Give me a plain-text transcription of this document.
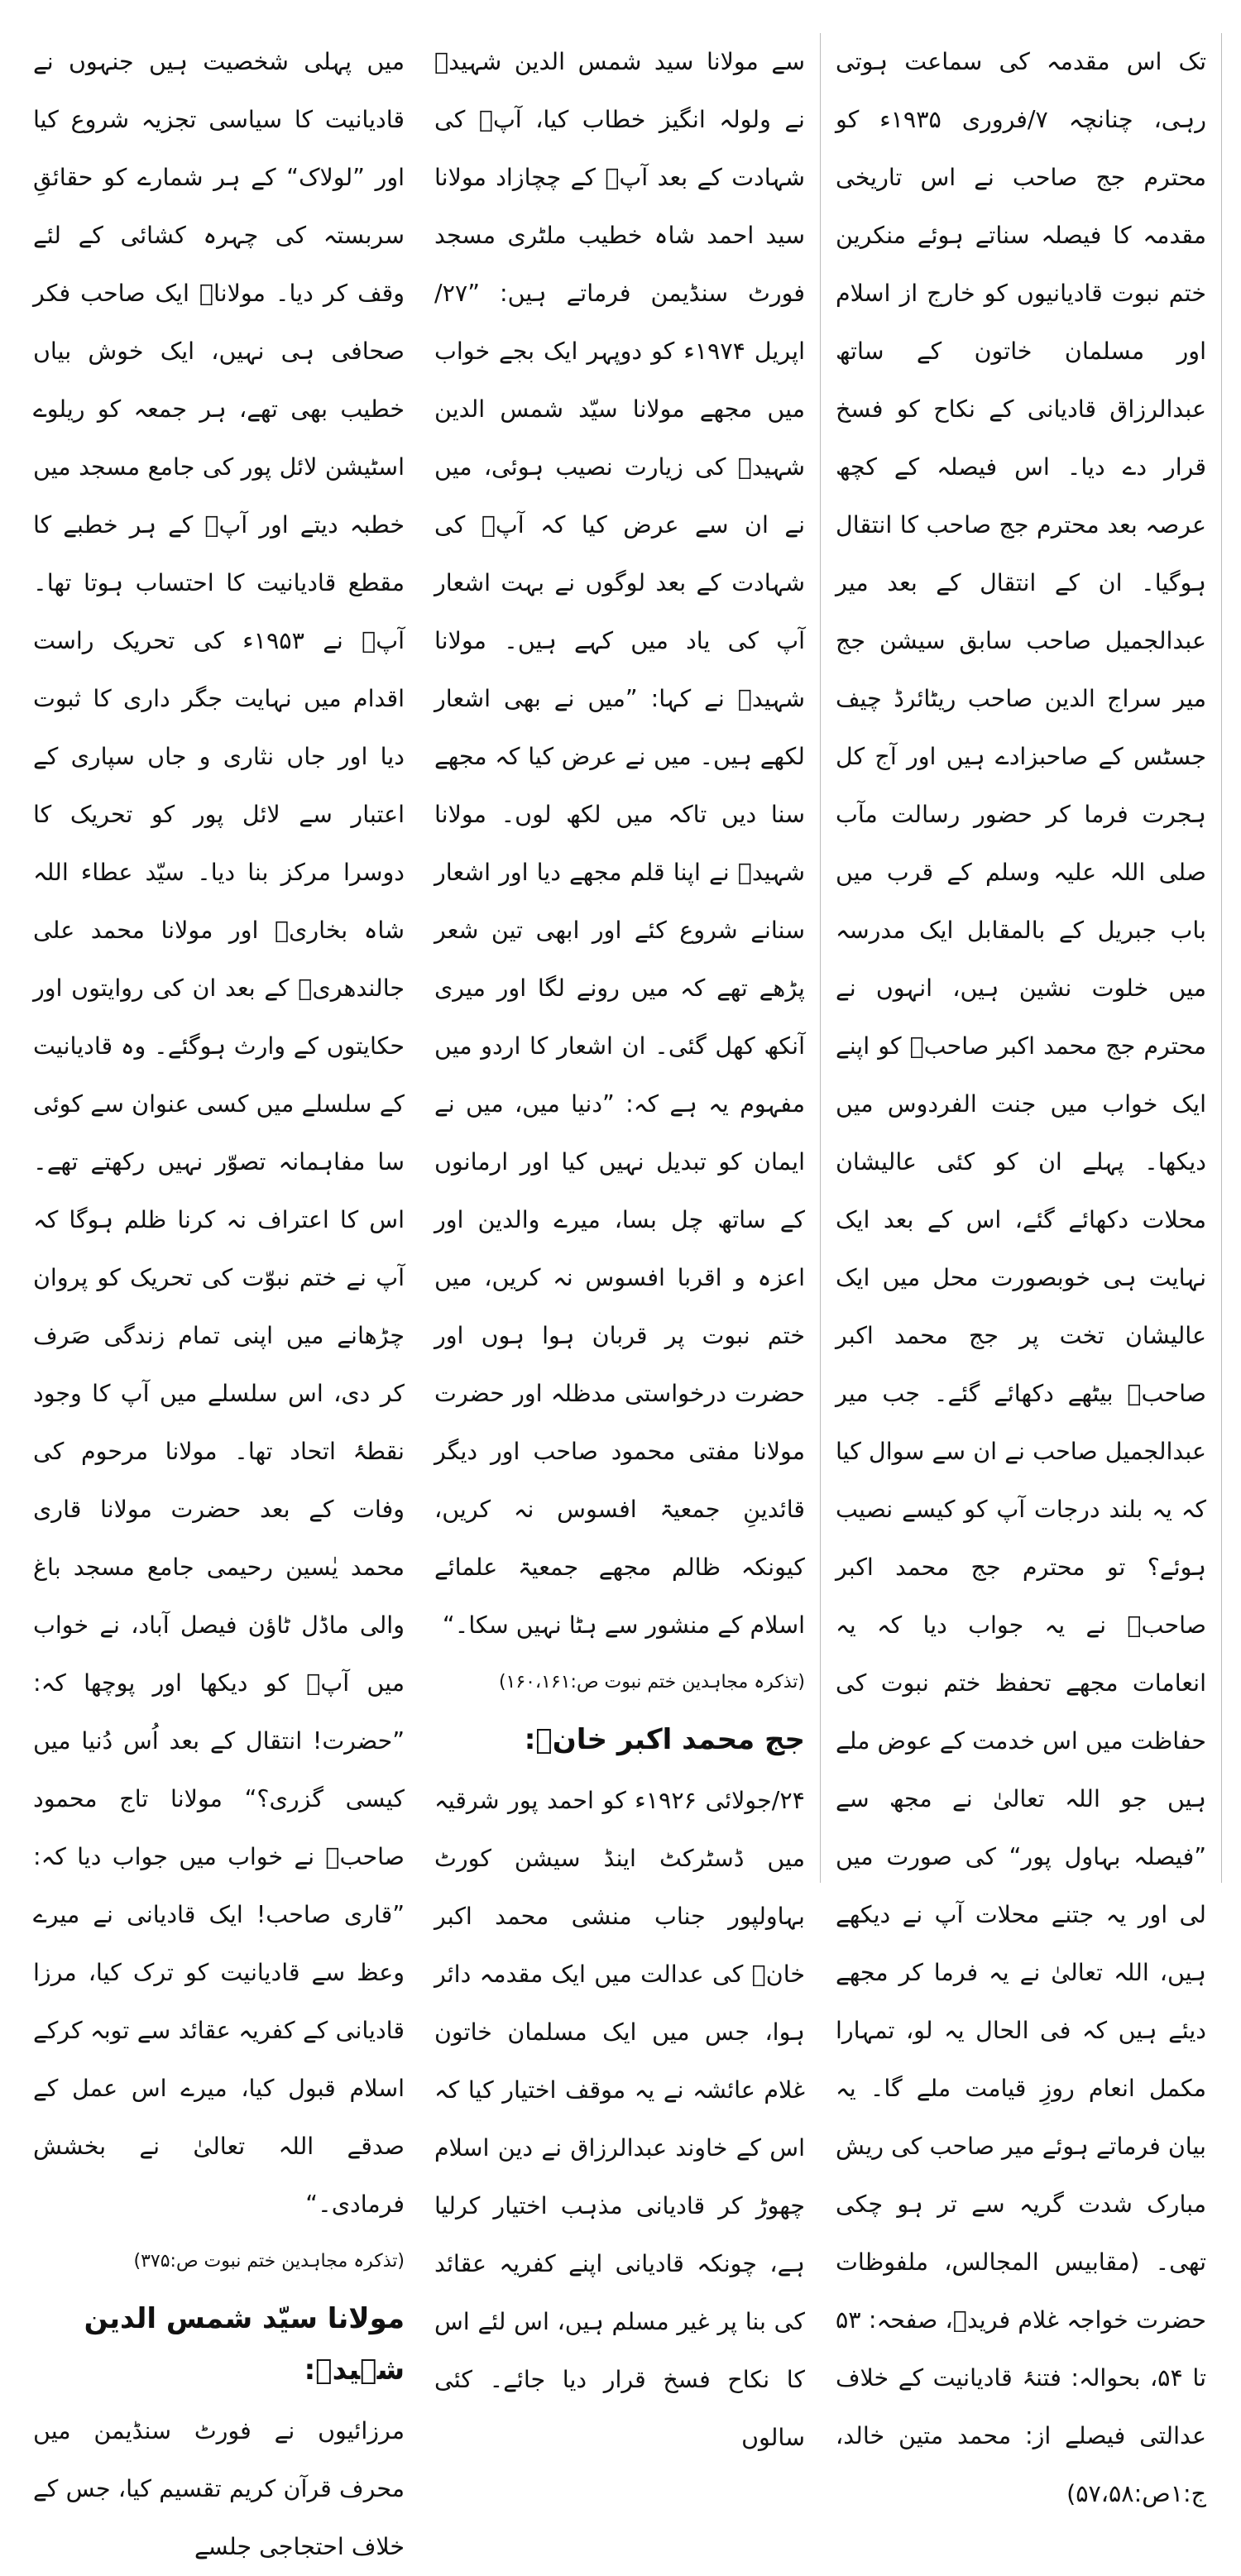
میں پہلی شخصیت ہیں جنہوں نے قادیانیت کا سیاسی تجزیہ شروع کیا اور ”لولاک“ کے ہر شمارے کو حقائقِ سربستہ کی چہرہ کشائی کے لئے وقف کر دیا۔ مولاناؒ ایک صاحب فکر صحافی ہی نہیں، ایک خوش بیاں خطیب بھی تھے، ہر جمعہ کو ریلوے اسٹیشن لائل پور کی جامع مسجد میں خطبہ دیتے اور آپؒ کے ہر خطبے کا مقطع قادیانیت کا احتساب ہوتا تھا۔ آپؒ نے ۱۹۵۳ء کی تحریک راست اقدام میں نہایت جگر داری کا ثبوت دیا اور جاں نثاری و جاں سپاری کے اعتبار سے لائل پور کو تحریک کا دوسرا مرکز بنا دیا۔ سیّد عطاء اللہ شاہ بخاریؒ اور مولانا محمد علی جالندھریؒ کے بعد ان کی روایتوں اور حکایتوں کے وارث ہوگئے۔ وہ قادیانیت کے سلسلے میں کسی عنوان سے کوئی سا مفاہمانہ تصوّر نہیں رکھتے تھے۔ اس کا اعتراف نہ کرنا ظلم ہوگا کہ آپ نے ختم نبوّت کی تحریک کو پروان چڑھانے میں اپنی تمام زندگی صَرف کر دی، اس سلسلے میں آپ کا وجود نقطۂ اتحاد تھا۔ مولانا مرحوم کی وفات کے بعد حضرت مولانا قاری محمد یٰسین رحیمی جامع مسجد باغ والی ماڈل ٹاؤن فیصل آباد، نے خواب میں آپؒ کو دیکھا اور پوچھا کہ: ”حضرت! انتقال کے بعد اُس دُنیا میں کیسی گزری؟“ مولانا تاج محمود صاحبؒ نے خواب میں جواب دیا کہ: ”قاری صاحب! ایک قادیانی نے میرے وعظ سے قادیانیت کو ترک کیا، مرزا قادیانی کے کفریہ عقائد سے توبہ کرکے اسلام قبول کیا، میرے اس عمل کے صدقے اللہ تعالیٰ نے بخشش فرمادی۔“

(تذکرہ مجاہدین ختم نبوت ص:۳۷۵)

مولانا سیّد شمس الدین شہیدؒ:

مرزائیوں نے فورٹ سنڈیمن میں محرف قرآن کریم تقسیم کیا، جس کے خلاف احتجاجی جلسے

سے مولانا سید شمس الدین شہیدؒ نے ولولہ انگیز خطاب کیا، آپؒ کی شہادت کے بعد آپؒ کے چچازاد مولانا سید احمد شاہ خطیب ملٹری مسجد فورٹ سنڈیمن فرماتے ہیں: ”۲۷/اپریل ۱۹۷۴ء کو دوپہر ایک بجے خواب میں مجھے مولانا سیّد شمس الدین شہیدؒ کی زیارت نصیب ہوئی، میں نے ان سے عرض کیا کہ آپؒ کی شہادت کے بعد لوگوں نے بہت اشعار آپ کی یاد میں کہے ہیں۔ مولانا شہیدؒ نے کہا: ”میں نے بھی اشعار لکھے ہیں۔ میں نے عرض کیا کہ مجھے سنا دیں تاکہ میں لکھ لوں۔ مولانا شہیدؒ نے اپنا قلم مجھے دیا اور اشعار سنانے شروع کئے اور ابھی تین شعر پڑھے تھے کہ میں رونے لگا اور میری آنکھ کھل گئی۔ ان اشعار کا اردو میں مفہوم یہ ہے کہ: ”دنیا میں، میں نے ایمان کو تبدیل نہیں کیا اور ارمانوں کے ساتھ چل بسا، میرے والدین اور اعزہ و اقربا افسوس نہ کریں، میں ختم نبوت پر قربان ہوا ہوں اور حضرت درخواستی مدظلہ اور حضرت مولانا مفتی محمود صاحب اور دیگر قائدینِ جمعیۃ افسوس نہ کریں، کیونکہ ظالم مجھے جمعیۃ علمائے اسلام کے منشور سے ہٹا نہیں سکا۔“

(تذکرہ مجاہدین ختم نبوت ص:۱۶۰،۱۶۱)

جج محمد اکبر خانؒ:

۲۴/جولائی ۱۹۲۶ء کو احمد پور شرقیہ میں ڈسٹرکٹ اینڈ سیشن کورٹ بہاولپور جناب منشی محمد اکبر خانؒ کی عدالت میں ایک مقدمہ دائر ہوا، جس میں ایک مسلمان خاتون غلام عائشہ نے یہ موقف اختیار کیا کہ اس کے خاوند عبدالرزاق نے دین اسلام چھوڑ کر قادیانی مذہب اختیار کرلیا ہے، چونکہ قادیانی اپنے کفریہ عقائد کی بنا پر غیر مسلم ہیں، اس لئے اس کا نکاح فسخ قرار دیا جائے۔ کئی سالوں

تک اس مقدمہ کی سماعت ہوتی رہی، چنانچہ ۷/فروری ۱۹۳۵ء کو محترم جج صاحب نے اس تاریخی مقدمہ کا فیصلہ سناتے ہوئے منکرین ختم نبوت قادیانیوں کو خارج از اسلام اور مسلمان خاتون کے ساتھ عبدالرزاق قادیانی کے نکاح کو فسخ قرار دے دیا۔ اس فیصلہ کے کچھ عرصہ بعد محترم جج صاحب کا انتقال ہوگیا۔ ان کے انتقال کے بعد میر عبدالجمیل صاحب سابق سیشن جج میر سراج الدین صاحب ریٹائرڈ چیف جسٹس کے صاحبزادے ہیں اور آج کل ہجرت فرما کر حضور رسالت مآب صلی اللہ علیہ وسلم کے قرب میں باب جبریل کے بالمقابل ایک مدرسہ میں خلوت نشین ہیں، انہوں نے محترم جج محمد اکبر صاحبؒ کو اپنے ایک خواب میں جنت الفردوس میں دیکھا۔ پہلے ان کو کئی عالیشان محلات دکھائے گئے، اس کے بعد ایک نہایت ہی خوبصورت محل میں ایک عالیشان تخت پر جج محمد اکبر صاحبؒ بیٹھے دکھائے گئے۔ جب میر عبدالجمیل صاحب نے ان سے سوال کیا کہ یہ بلند درجات آپ کو کیسے نصیب ہوئے؟ تو محترم جج محمد اکبر صاحبؒ نے یہ جواب دیا کہ یہ انعامات مجھے تحفظ ختم نبوت کی حفاظت میں اس خدمت کے عوض ملے ہیں جو اللہ تعالیٰ نے مجھ سے ”فیصلہ بہاول پور“ کی صورت میں لی اور یہ جتنے محلات آپ نے دیکھے ہیں، اللہ تعالیٰ نے یہ فرما کر مجھے دیئے ہیں کہ فی الحال یہ لو، تمہارا مکمل انعام روزِ قیامت ملے گا۔ یہ بیان فرماتے ہوئے میر صاحب کی ریش مبارک شدت گریہ سے تر ہو چکی تھی۔ (مقابیس المجالس، ملفوظات حضرت خواجہ غلام فریدؒ، صفحہ: ۵۳ تا ۵۴، بحوالہ: فتنۂ قادیانیت کے خلاف عدالتی فیصلے از: محمد متین خالد، ج:۱ص:۵۷،۵۸)
